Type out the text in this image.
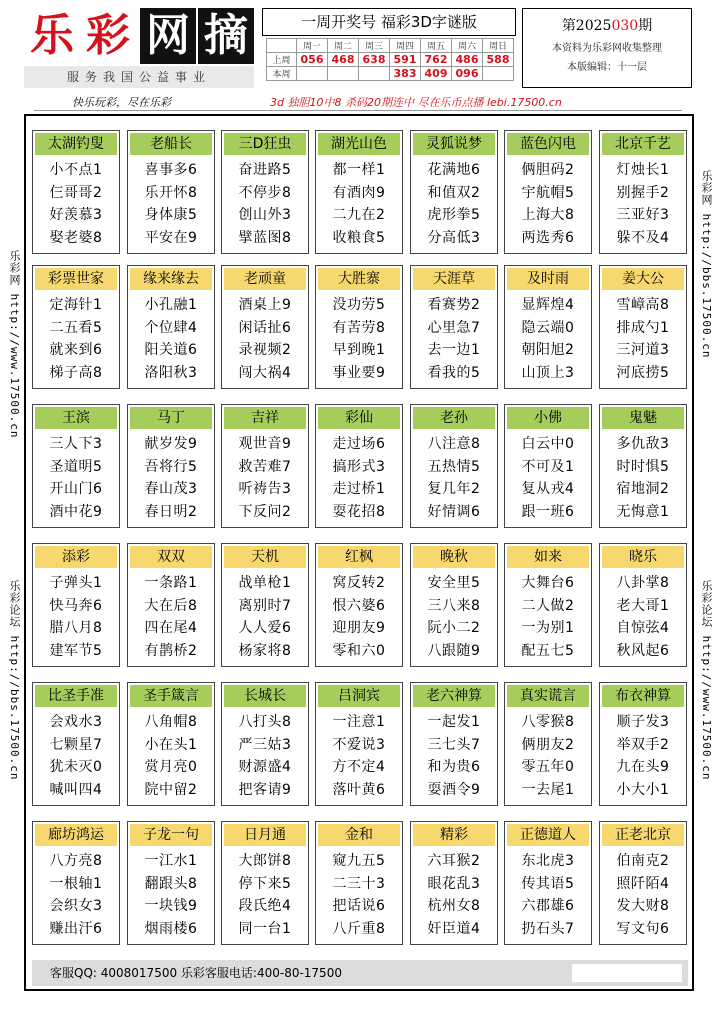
乐 彩 网 摘
服务我国公益事业
一周开奖号 福彩3D字谜版
	周一	周二	周三	周四	周五	周六	周日
上周	056	468	638	591	762	486	588
本周				383	409	096	
第2025030期
本资料为乐彩网收集整理
本版编辑：十一层
快乐玩彩，尽在乐彩	3d 独胆10中8 杀码20期连中 尽在乐币点播 lebi.17500.cn
乐彩网 http://www.17500.cn
乐彩论坛 http://bbs.17500.cn
乐彩网 http://bbs.17500.cn
乐彩论坛 http://www.17500.cn
太湖钓叟
小不点1
仨哥哥2
好羡慕3
娶老婆8
老船长
喜事多6
乐开怀8
身体康5
平安在9
三D狂虫
奋进路5
不停步8
创山外3
擘蓝图8
湖光山色
都一样1
有酒肉9
二九在2
收粮食5
灵狐说梦
花满地6
和值双2
虎形拳5
分高低3
蓝色闪电
俩胆码2
宇航帽5
上海大8
两选秀6
北京千艺
灯烛长1
别握手2
三亚好3
躲不及4
彩票世家
定海针1
二五看5
就来到6
梯子高8
缘来缘去
小孔融1
个位肆4
阳关道6
洛阳秋3
老顽童
酒桌上9
闲话扯6
录视频2
闯大祸4
大胜寨
没功劳5
有苦劳8
早到晚1
事业要9
天涯草
看赛势2
心里急7
去一边1
看我的5
及时雨
显辉煌4
隐云端0
朝阳旭2
山顶上3
姜大公
雪嶂高8
排成勺1
三河道3
河底捞5
王滨
三人下3
圣道明5
开山门6
酒中花9
马丁
献岁发9
吾将行5
春山茂3
春日明2
吉祥
观世音9
救苦难7
听祷告3
下反问2
彩仙
走过场6
搞形式3
走过桥1
耍花招8
老孙
八注意8
五热情5
复几年2
好情调6
小佛
白云中0
不可及1
复从戎4
跟一班6
鬼魅
多仇敌3
时时惧5
宿地洞2
无悔意1
添彩
子弹头1
快马奔6
腊八月8
建军节5
双双
一条路1
大在后8
四在尾4
有鹊桥2
天机
战单枪1
离别时7
人人爱6
杨家将8
红枫
窝反转2
恨六婆6
迎朋友9
零和六0
晚秋
安全里5
三八来8
阮小二2
八跟随9
如来
大舞台6
二人做2
一为别1
配五七5
晓乐
八卦掌8
老大哥1
自惊弦4
秋风起6
比圣手准
会戏水3
七颗星7
犹未灭0
喊叫四4
圣手箴言
八角帽8
小在头1
赏月亮0
院中留2
长城长
八打头8
严三姑3
财源盛4
把客请9
吕洞宾
一注意1
不爱说3
方不定4
落叶黄6
老六神算
一起发1
三七头7
和为贵6
耍酒令9
真实谎言
八零猴8
俩朋友2
零五年0
一去尾1
布衣神算
顺子发3
举双手2
九在头9
小大小1
廊坊鸿运
八方亮8
一根轴1
会织女3
赚出汗6
子龙一句
一江水1
翻跟头8
一块钱9
烟雨楼6
日月通
大郎饼8
停下来5
段氏绝4
同一台1
金和
窥九五5
二三十3
把话说6
八斤重8
精彩
六耳猴2
眼花乱3
杭州女8
奸臣道4
正德道人
东北虎3
传其语5
六郡雄6
扔石头7
正老北京
伯南克2
照阡陌4
发大财8
写文句6
客服QQ: 4008017500 乐彩客服电话:400-80-17500
